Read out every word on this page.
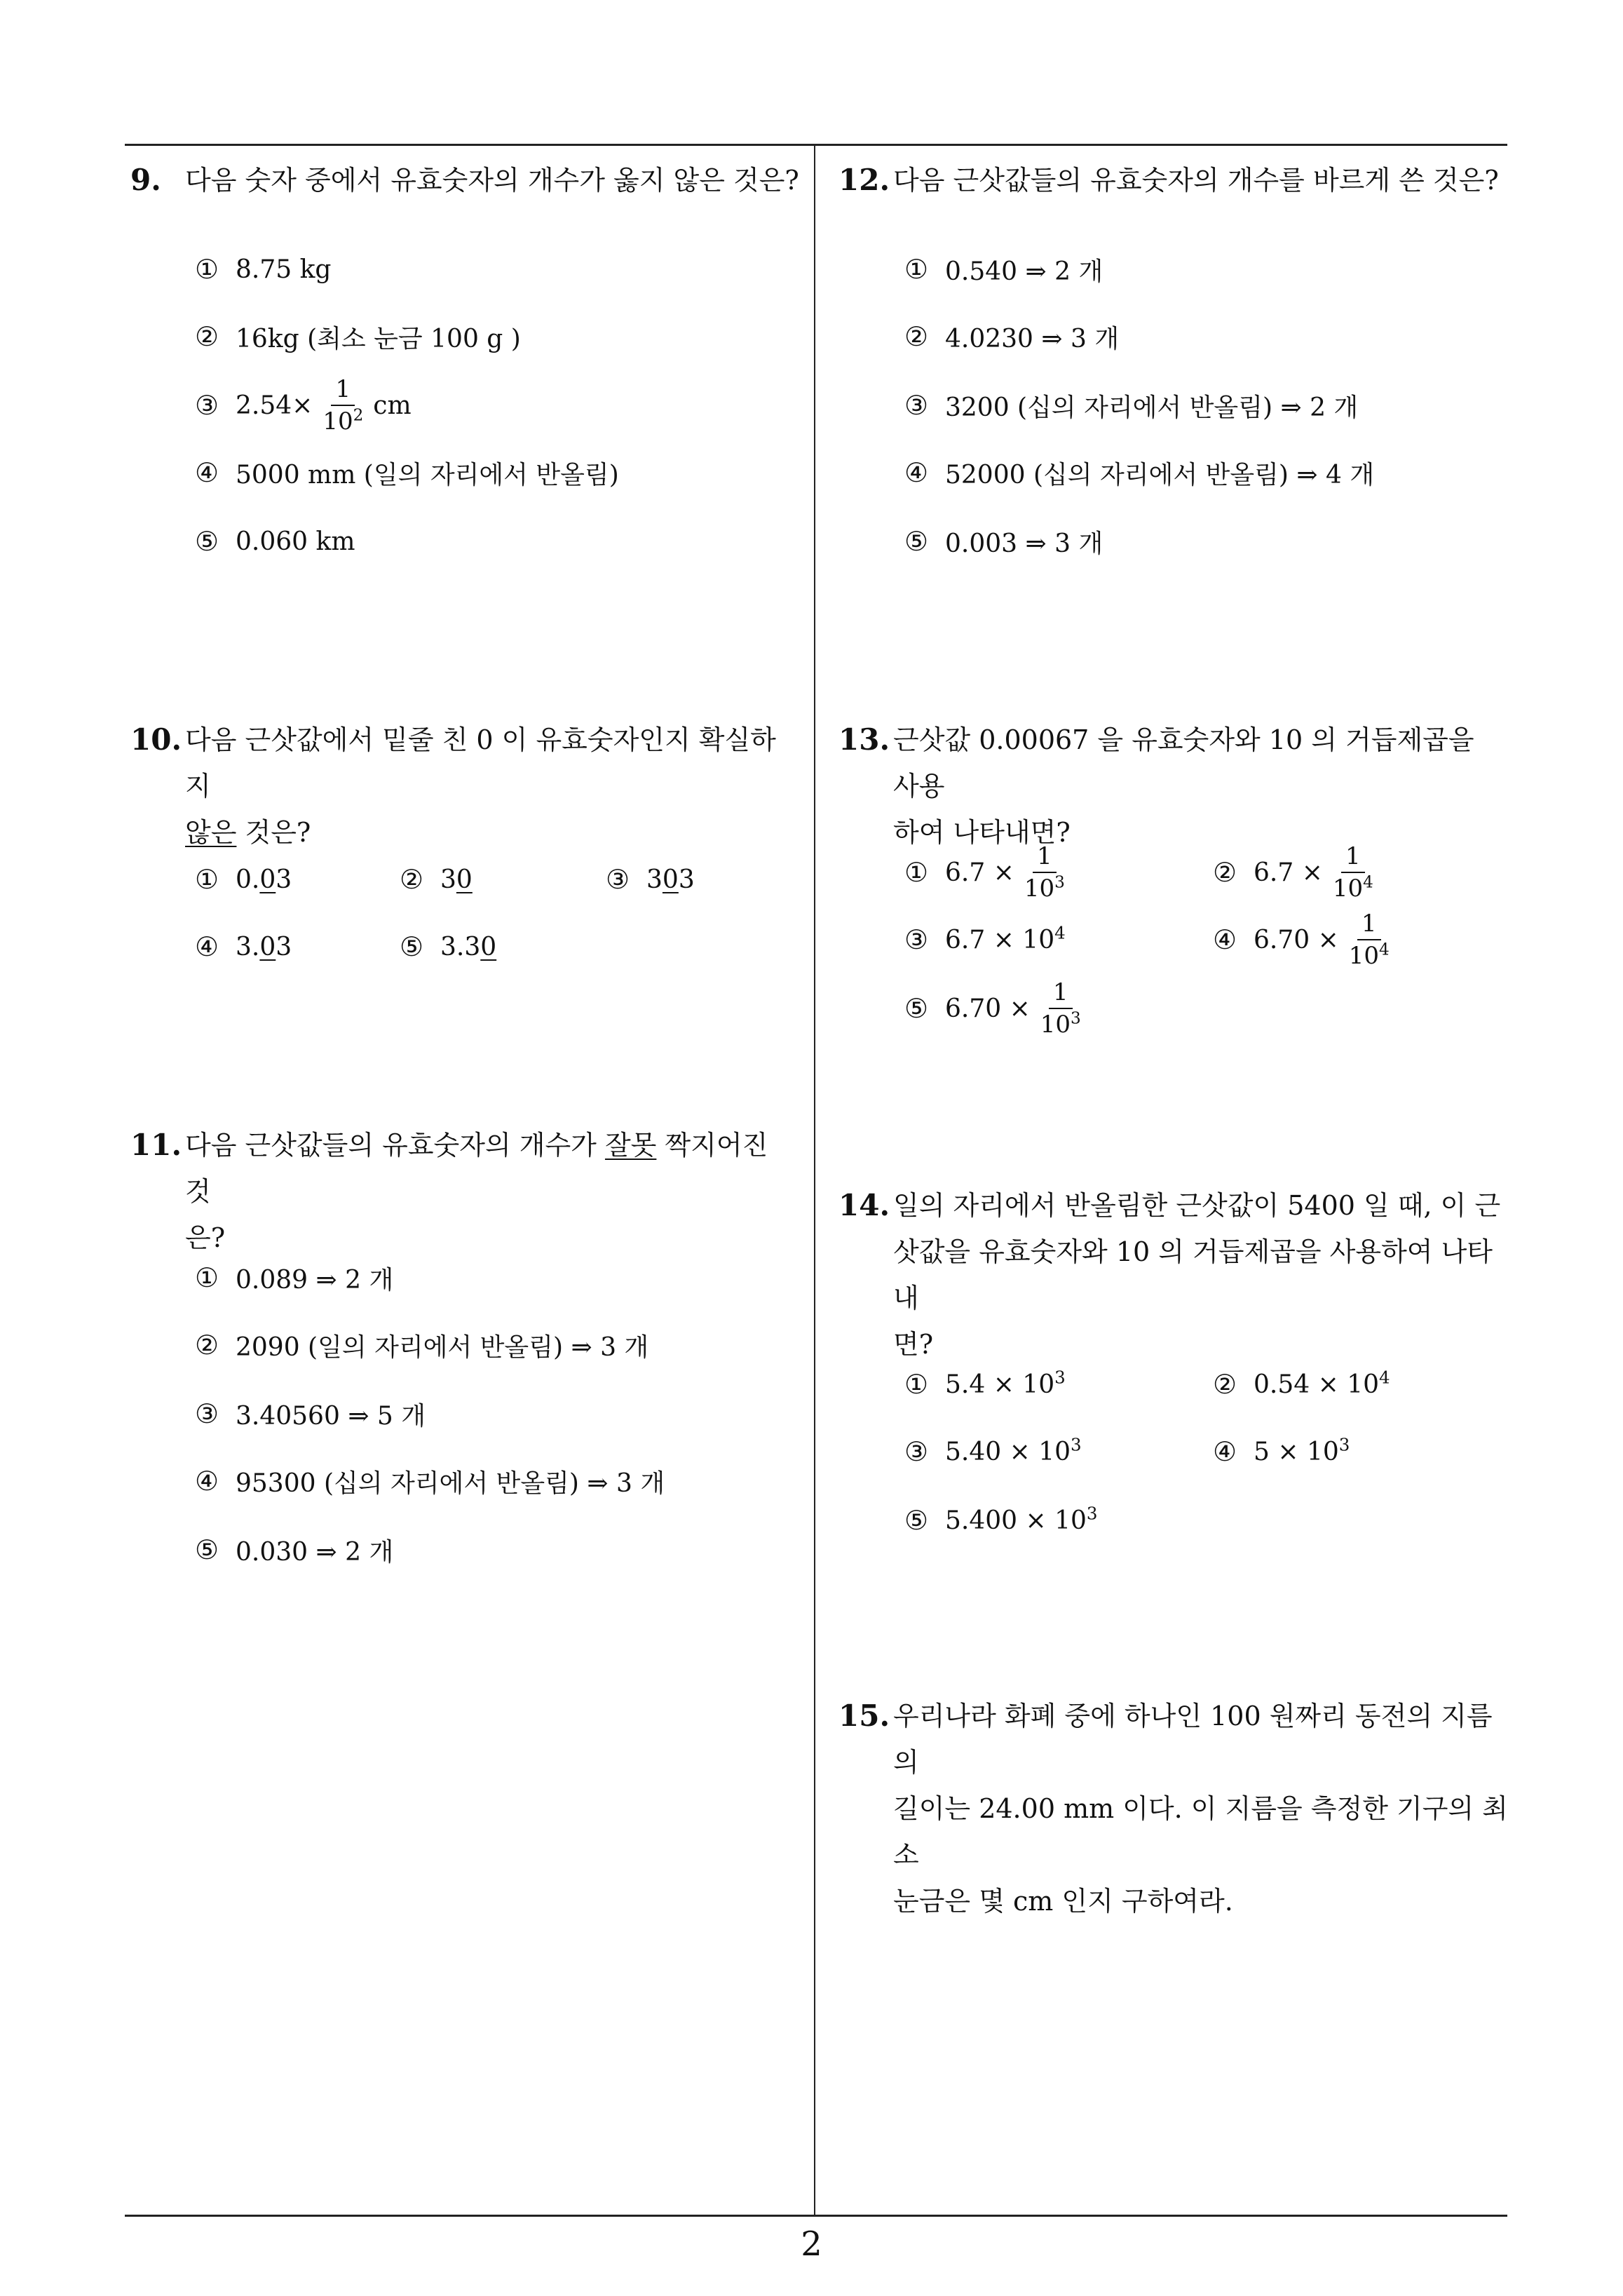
9. 다음 숫자 중에서 유효숫자의 개수가 옳지 않은 것은?
① 8.75 kg
② 16kg (최소 눈금 100 g )
③ $2.54\times \frac{1}{10^2}$ cm
④ 5000 mm (일의 자리에서 반올림)
⑤ 0.060 km
10. 다음 근삿값에서 밑줄 친 0 이 유효숫자인지 확실하지
않은 것은?
① 0. 0 3	② 3 0	③ 3 0 3
④ 3. 0 3	⑤ 3.3 0
11. 다음 근삿값들의 유효숫자의 개수가 잘못 짝지어진 것
은?
① 0.089 ⇒ 2 개
② 2090 (일의 자리에서 반올림) ⇒ 3 개
③ 3.40560 ⇒ 5 개
④ 95300 (십의 자리에서 반올림) ⇒ 3 개
⑤ 0.030 ⇒ 2 개
12. 다음 근삿값들의 유효숫자의 개수를 바르게 쓴 것은?
① 0.540 ⇒ 2 개
② 4.0230 ⇒ 3 개
③ 3200 (십의 자리에서 반올림) ⇒ 2 개
④ 52000 (십의 자리에서 반올림) ⇒ 4 개
⑤ 0.003 ⇒ 3 개
13. 근삿값 0.00067 을 유효숫자와 10 의 거듭제곱을 사용
하여 나타내면?
① $6.7 \times \frac{1}{10^3}$	② $6.7 \times \frac{1}{10^4}$
③ $6.7 \times 10^4$	④ $6.70 \times \frac{1}{10^4}$
⑤ $6.70 \times \frac{1}{10^3}$
14. 일의 자리에서 반올림한 근삿값이 5400 일 때, 이 근
삿값을 유효숫자와 10 의 거듭제곱을 사용하여 나타내
면?
① $5.4 \times 10^3$	② $0.54 \times 10^4$
③ $5.40 \times 10^3$	④ $5 \times 10^3$
⑤ $5.400 \times 10^3$
15. 우리나라 화폐 중에 하나인 100 원짜리 동전의 지름의
길이는 24.00 mm 이다. 이 지름을 측정한 기구의 최소
눈금은 몇 cm 인지 구하여라.
2
